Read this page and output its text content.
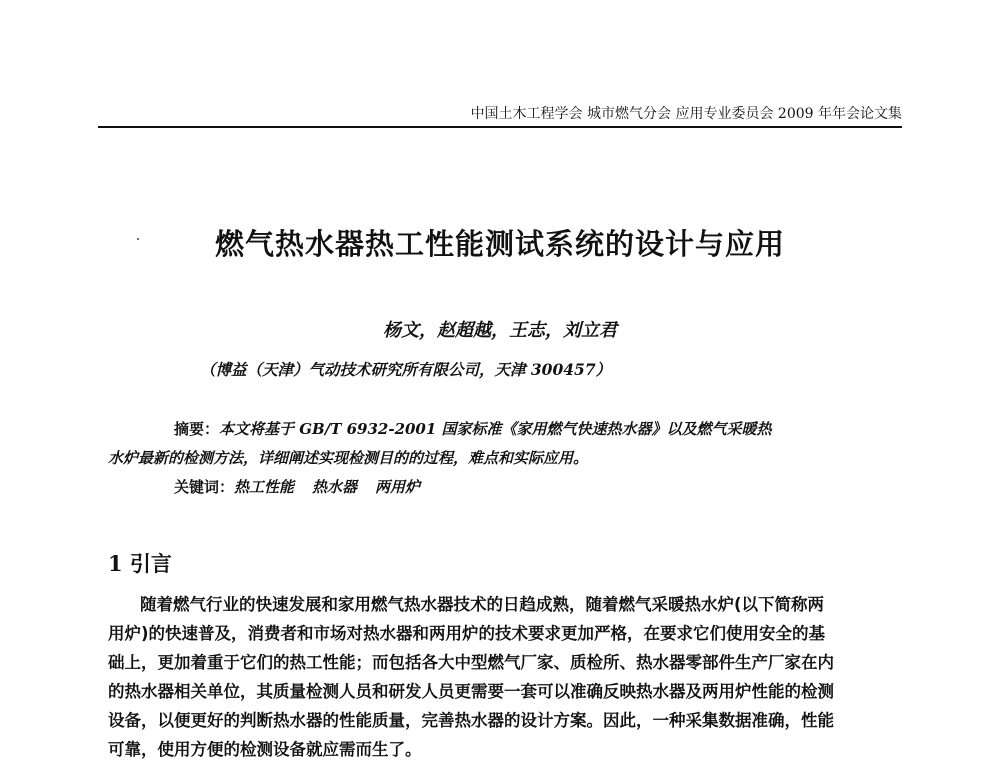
中国土木工程学会 城市燃气分会 应用专业委员会 2009 年年会论文集
燃气热水器热工性能测试系统的设计与应用
杨文，赵超越，王志，刘立君
（博益（天津）气动技术研究所有限公司，天津 300457）
摘要：本文将基于 GB/T 6932-2001 国家标准《家用燃气快速热水器》以及燃气采暖热
水炉最新的检测方法，详细阐述实现检测目的的过程，难点和实际应用。
关键词：热工性能 热水器 两用炉
1 引言
随着燃气行业的快速发展和家用燃气热水器技术的日趋成熟，随着燃气采暖热水炉(以下简称两
用炉)的快速普及，消费者和市场对热水器和两用炉的技术要求更加严格，在要求它们使用安全的基
础上，更加着重于它们的热工性能；而包括各大中型燃气厂家、质检所、热水器零部件生产厂家在内
的热水器相关单位，其质量检测人员和研发人员更需要一套可以准确反映热水器及两用炉性能的检测
设备，以便更好的判断热水器的性能质量，完善热水器的设计方案。因此，一种采集数据准确，性能
可靠，使用方便的检测设备就应需而生了。
